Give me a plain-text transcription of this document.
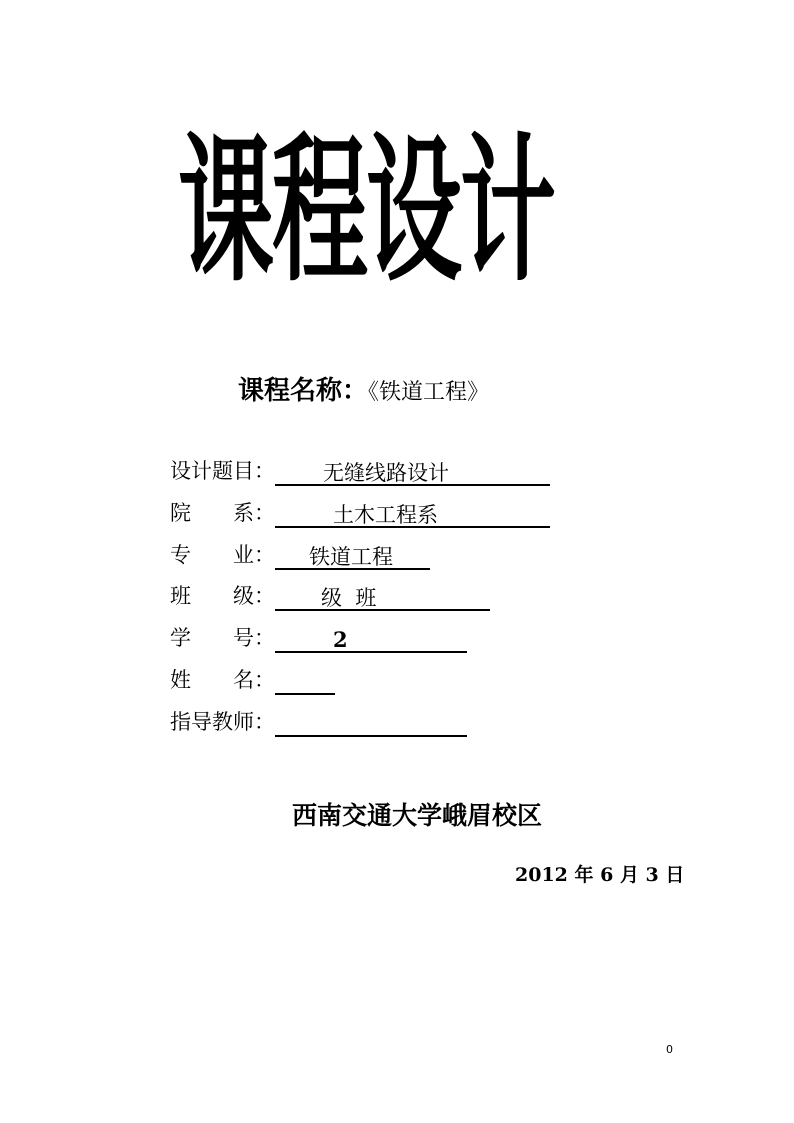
课程设计
课程名称：《铁道工程》
设计题目： 无缝线路设计
院　　系：	土木工程系
专　　业： 铁道工程
班　　级： 级  班
学　　号：	2
姓　　名：
指导教师：
西南交通大学峨眉校区
2012 年 6 月 3 日
0
